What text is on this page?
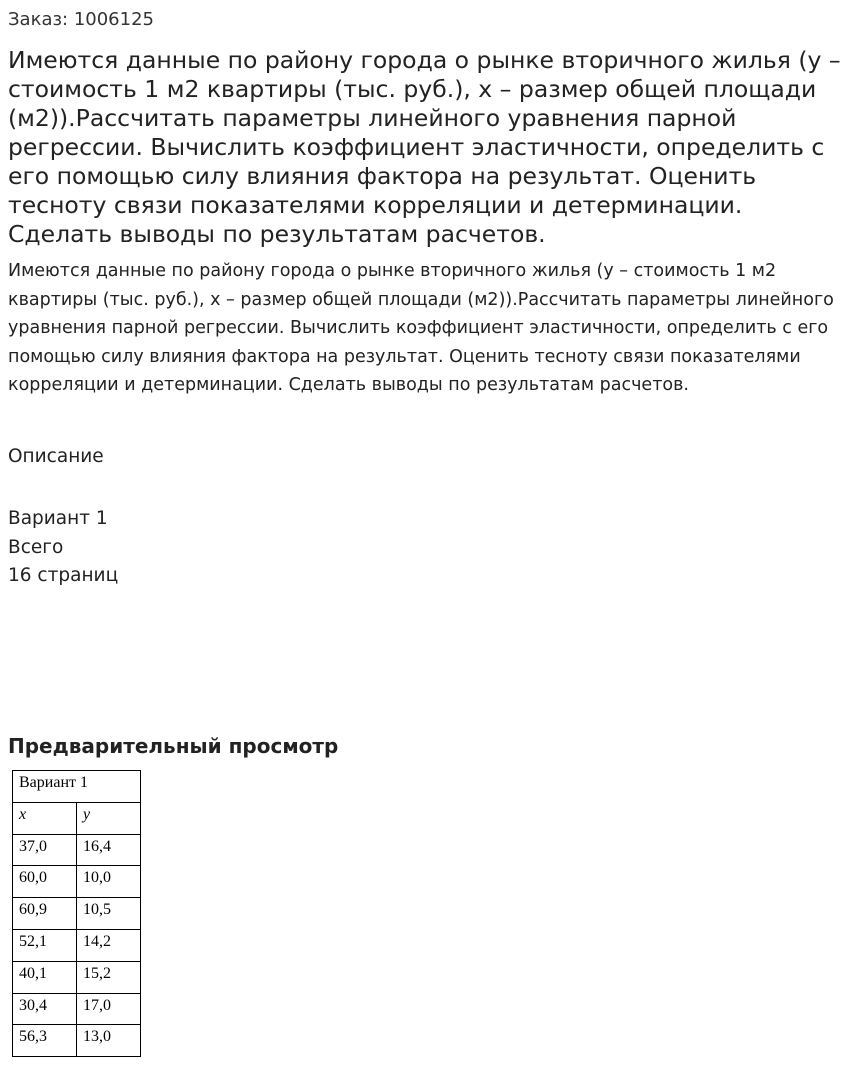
Заказ: 1006125
Имеются данные по району города о рынке вторичного жилья (y – стоимость 1 м2 квартиры (тыс. руб.), x – размер общей площади (м2)).Рассчитать параметры линейного уравнения парной регрессии. Вычислить коэффициент эластичности, определить с его помощью силу влияния фактора на результат. Оценить тесноту связи показателями корреляции и детерминации. Сделать выводы по результатам расчетов.

Имеются данные по району города о рынке вторичного жилья (y – стоимость 1 м2 квартиры (тыс. руб.), x – размер общей площади (м2)).Рассчитать параметры линейного уравнения парной регрессии. Вычислить коэффициент эластичности, определить с его помощью силу влияния фактора на результат. Оценить тесноту связи показателями корреляции и детерминации. Сделать выводы по результатам расчетов.

Описание
Вариант 1
Всего
16 страниц
Предварительный просмотр
Вариант 1	
x	y
37,0	16,4
60,0	10,0
60,9	10,5
52,1	14,2
40,1	15,2
30,4	17,0
56,3	13,0
